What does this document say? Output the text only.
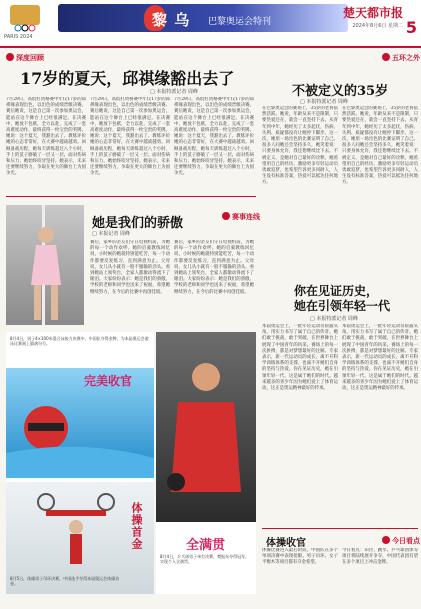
PARIS 2024
黎 乌 巴黎奥运会特刊
楚天都市报
2024年8月6日 星期二 5
深度回顾
17岁的夏天，邱祺缘豁出去了
□ 本报特派记者 周峰
7月29日，高低杠资格赛中年仅17岁的邱祺缘表现出色，以出色的成绩晋级决赛。赛后她说，这是自己第一次参加奥运会，能站在这个舞台上已经很满足。在决赛中，她放下包袱，全力以赴，完成了一套高难度动作，最终获得一枚宝贵的奖牌。她说：这个夏天，我豁出去了。教练评价她的心态非常好，在大赛中越战越勇。回顾备战历程，她每天训练超过八个小时，手上的茧子磨破了一层又一层。面对伤病和压力，她始终咬牙坚持。她表示，未来还要继续努力，争取在更大的舞台上为国争光。
7月29日，高低杠资格赛中年仅17岁的邱祺缘表现出色，以出色的成绩晋级决赛。赛后她说，这是自己第一次参加奥运会，能站在这个舞台上已经很满足。在决赛中，她放下包袱，全力以赴，完成了一套高难度动作，最终获得一枚宝贵的奖牌。她说：这个夏天，我豁出去了。教练评价她的心态非常好，在大赛中越战越勇。回顾备战历程，她每天训练超过八个小时，手上的茧子磨破了一层又一层。面对伤病和压力，她始终咬牙坚持。她表示，未来还要继续努力，争取在更大的舞台上为国争光。
7月29日，高低杠资格赛中年仅17岁的邱祺缘表现出色，以出色的成绩晋级决赛。赛后她说，这是自己第一次参加奥运会，能站在这个舞台上已经很满足。在决赛中，她放下包袱，全力以赴，完成了一套高难度动作，最终获得一枚宝贵的奖牌。她说：这个夏天，我豁出去了。教练评价她的心态非常好，在大赛中越战越勇。回顾备战历程，她每天训练超过八个小时，手上的茧子磨破了一层又一层。面对伤病和压力，她始终咬牙坚持。她表示，未来还要继续努力，争取在更大的舞台上为国争光。
赛事连线
她是我们的骄傲
□ 本报记者 周峰
赛后，家乡的亲友们守在电视机前，为她的每一个动作欢呼。她的启蒙教练回忆说，小时候的她就特别能吃苦，每一个动作都要反复练习，直到满意为止。父母说，女儿从小就有一股不服输的劲头。看到她站上领奖台，全家人都激动得流下了眼泪。大家纷纷表示：她是我们的骄傲。学校的老师和同学也送来了祝福，希望她继续努力，在今后的比赛中再创佳绩。
赛后，家乡的亲友们守在电视机前，为她的每一个动作欢呼。她的启蒙教练回忆说，小时候的她就特别能吃苦，每一个动作都要反复练习，直到满意为止。父母说，女儿从小就有一股不服输的劲头。看到她站上领奖台，全家人都激动得流下了眼泪。大家纷纷表示：她是我们的骄傲。学校的老师和同学也送来了祝福，希望她继续努力，在今后的比赛中再创佳绩。
五环之外
不被定义的35岁
□ 本报特派记者 周峰
在巴黎奥运会的赛场上，35岁的老将依然活跃。她说，年龄从来不是限制，只要热爱还在，就会一直坚持下去。从青年到中年，她经历了太多起伏，伤病、失利、质疑都没有让她停下脚步。这一次，她用一场出色的比赛证明了自己。很多人问她还会坚持多久，她笑着说：只要身体允许，我还想继续比下去。不被定义，是她对自己最好的诠释。她希望用自己的经历，激励更多年轻运动员勇敢追梦，也希望告诉更多同龄人，人生没有标准答案，热爱可以抵达任何地方。
在巴黎奥运会的赛场上，35岁的老将依然活跃。她说，年龄从来不是限制，只要热爱还在，就会一直坚持下去。从青年到中年，她经历了太多起伏，伤病、失利、质疑都没有让她停下脚步。这一次，她用一场出色的比赛证明了自己。很多人问她还会坚持多久，她笑着说：只要身体允许，我还想继续比下去。不被定义，是她对自己最好的诠释。她希望用自己的经历，激励更多年轻运动员勇敢追梦，也希望告诉更多同龄人，人生没有标准答案，热爱可以抵达任何地方。
你在见证历史，
她在引领年轻一代
□ 本报特派记者 周峰
本届奥运会上，一批年轻运动员崭露头角，用实力书写了属于自己的传奇。她们敢于挑战，敢于突破，在世界舞台上展现了中国青年的风采。赛场上的每一次拼搏，都是对梦想最好的注解。专家表示，新一代运动员的成长，离不开科学训练体系的支撑，也离不开她们自身的坚持与热爱。你在见证历史，她在引领年轻一代，这是属于她们的时代。越来越多的青少年因为她们爱上了体育运动，这正是奥运精神最好的传承。
本届奥运会上，一批年轻运动员崭露头角，用实力书写了属于自己的传奇。她们敢于挑战，敢于突破，在世界舞台上展现了中国青年的风采。赛场上的每一次拼搏，都是对梦想最好的注解。专家表示，新一代运动员的成长，离不开科学训练体系的支撑，也离不开她们自身的坚持与热爱。你在见证历史，她在引领年轻一代，这是属于她们的时代。越来越多的青少年因为她们爱上了体育运动，这正是奥运精神最好的传承。
8月4日，男子4×100米混合泳接力决赛中，中国队夺得金牌，为本届奥运会游泳比赛画上圆满句号。
完美收官
体操首金
8月5日，体操男子吊环决赛，中国选手夺得本届奥运会体操首金。
全满贯
8月4日，乒乓球男子单打决赛，樊振东夺得冠军，实现个人全满贯。
体操收官	今日看点
体操比赛进入最后阶段，中国队在多个单项决赛中表现抢眼。男子吊环、女子平衡木等项目都有夺金希望。
今日看点：田径、跳水、乒乓球团体等项目将陆续展开争夺，中国代表团有望在多个项目上冲击金牌。
